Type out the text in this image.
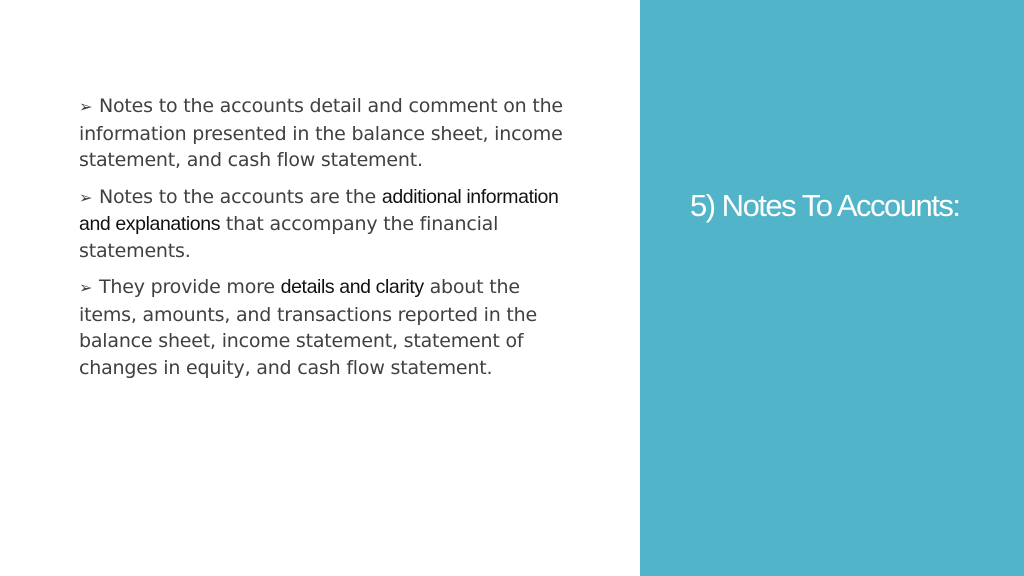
➢ Notes to the accounts detail and comment on the information presented in the balance sheet, income statement, and cash flow statement.

➢ Notes to the accounts are the additional information and explanations that accompany the financial statements.

➢ They provide more details and clarity about the items, amounts, and transactions reported in the balance sheet, income statement, statement of changes in equity, and cash flow statement.

5) Notes To Accounts:
